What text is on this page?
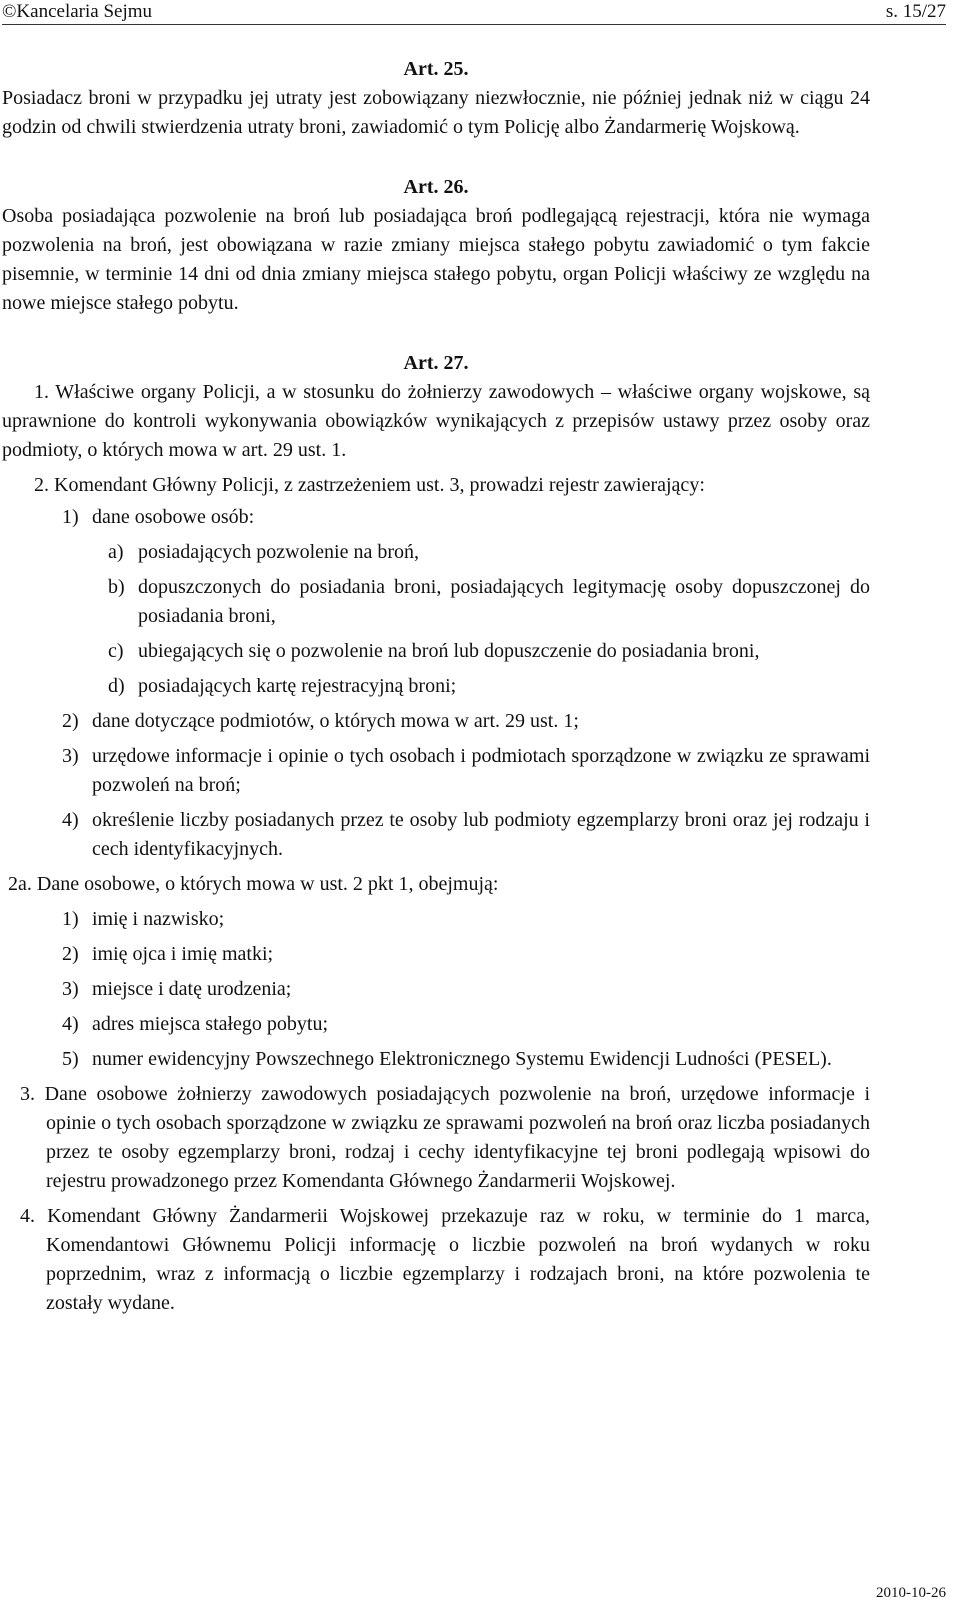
©Kancelaria Sejmu	s. 15/27
Art. 25.

Posiadacz broni w przypadku jej utraty jest zobowiązany niezwłocznie, nie później jednak niż w ciągu 24 godzin od chwili stwierdzenia utraty broni, zawiadomić o tym Policję albo Żandarmerię Wojskową.

Art. 26.

Osoba posiadająca pozwolenie na broń lub posiadająca broń podlegającą rejestracji, która nie wymaga pozwolenia na broń, jest obowiązana w razie zmiany miejsca stałego pobytu zawiadomić o tym fakcie pisemnie, w terminie 14 dni od dnia zmiany miejsca stałego pobytu, organ Policji właściwy ze względu na nowe miejsce stałego pobytu.

Art. 27.

1. Właściwe organy Policji, a w stosunku do żołnierzy zawodowych – właściwe organy wojskowe, są uprawnione do kontroli wykonywania obowiązków wynikających z przepisów ustawy przez osoby oraz podmioty, o których mowa w art. 29 ust. 1.

2. Komendant Główny Policji, z zastrzeżeniem ust. 3, prowadzi rejestr zawierający:

1) dane osobowe osób:
a) posiadających pozwolenie na broń,
b) dopuszczonych do posiadania broni, posiadających legitymację osoby dopuszczonej do posiadania broni,
c) ubiegających się o pozwolenie na broń lub dopuszczenie do posiadania broni,
d) posiadających kartę rejestracyjną broni;
2) dane dotyczące podmiotów, o których mowa w art. 29 ust. 1;
3) urzędowe informacje i opinie o tych osobach i podmiotach sporządzone w związku ze sprawami pozwoleń na broń;
4) określenie liczby posiadanych przez te osoby lub podmioty egzemplarzy broni oraz jej rodzaju i cech identyfikacyjnych.

2a. Dane osobowe, o których mowa w ust. 2 pkt 1, obejmują:

1) imię i nazwisko;
2) imię ojca i imię matki;
3) miejsce i datę urodzenia;
4) adres miejsca stałego pobytu;
5) numer ewidencyjny Powszechnego Elektronicznego Systemu Ewidencji Ludności (PESEL).

3. Dane osobowe żołnierzy zawodowych posiadających pozwolenie na broń, urzędowe informacje i opinie o tych osobach sporządzone w związku ze sprawami pozwoleń na broń oraz liczba posiadanych przez te osoby egzemplarzy broni, rodzaj i cechy identyfikacyjne tej broni podlegają wpisowi do rejestru prowadzonego przez Komendanta Głównego Żandarmerii Wojskowej.

4. Komendant Główny Żandarmerii Wojskowej przekazuje raz w roku, w terminie do 1 marca, Komendantowi Głównemu Policji informację o liczbie pozwoleń na broń wydanych w roku poprzednim, wraz z informacją o liczbie egzemplarzy i rodzajach broni, na które pozwolenia te zostały wydane.

2010-10-26
